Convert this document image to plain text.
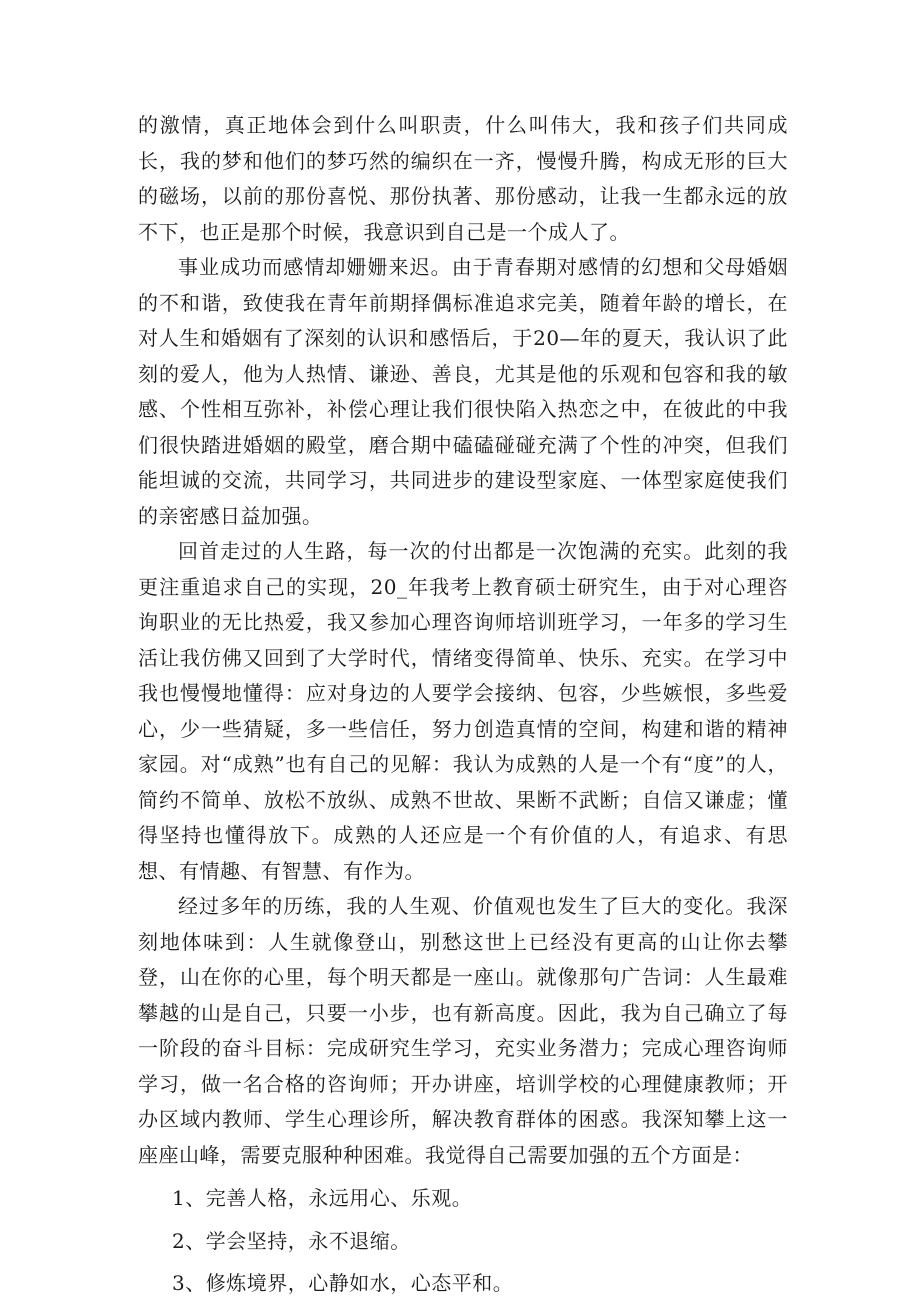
的激情，真正地体会到什么叫职责，什么叫伟大，我和孩子们共同成长，我的梦和他们的梦巧然的编织在一齐，慢慢升腾，构成无形的巨大的磁场，以前的那份喜悦、那份执著、那份感动，让我一生都永远的放不下，也正是那个时候，我意识到自己是一个成人了。

事业成功而感情却姗姗来迟。由于青春期对感情的幻想和父母婚姻的不和谐，致使我在青年前期择偶标准追求完美，随着年龄的增长，在对人生和婚姻有了深刻的认识和感悟后，于20—年的夏天，我认识了此刻的爱人，他为人热情、谦逊、善良，尤其是他的乐观和包容和我的敏感、个性相互弥补，补偿心理让我们很快陷入热恋之中，在彼此的中我们很快踏进婚姻的殿堂，磨合期中磕磕碰碰充满了个性的冲突，但我们能坦诚的交流，共同学习，共同进步的建设型家庭、一体型家庭使我们的亲密感日益加强。

回首走过的人生路，每一次的付出都是一次饱满的充实。此刻的我更注重追求自己的实现，20_年我考上教育硕士研究生，由于对心理咨询职业的无比热爱，我又参加心理咨询师培训班学习，一年多的学习生活让我仿佛又回到了大学时代，情绪变得简单、快乐、充实。在学习中我也慢慢地懂得：应对身边的人要学会接纳、包容，少些嫉恨，多些爱心，少一些猜疑，多一些信任，努力创造真情的空间，构建和谐的精神家园。对“成熟”也有自己的见解：我认为成熟的人是一个有“度”的人，简约不简单、放松不放纵、成熟不世故、果断不武断；自信又谦虚；懂得坚持也懂得放下。成熟的人还应是一个有价值的人，有追求、有思想、有情趣、有智慧、有作为。

经过多年的历练，我的人生观、价值观也发生了巨大的变化。我深刻地体味到：人生就像登山，别愁这世上已经没有更高的山让你去攀登，山在你的心里，每个明天都是一座山。就像那句广告词：人生最难攀越的山是自己，只要一小步，也有新高度。因此，我为自己确立了每一阶段的奋斗目标：完成研究生学习，充实业务潜力；完成心理咨询师学习，做一名合格的咨询师；开办讲座，培训学校的心理健康教师；开办区域内教师、学生心理诊所，解决教育群体的困惑。我深知攀上这一座座山峰，需要克服种种困难。我觉得自己需要加强的五个方面是：

1、完善人格，永远用心、乐观。

2、学会坚持，永不退缩。

3、修炼境界，心静如水，心态平和。
